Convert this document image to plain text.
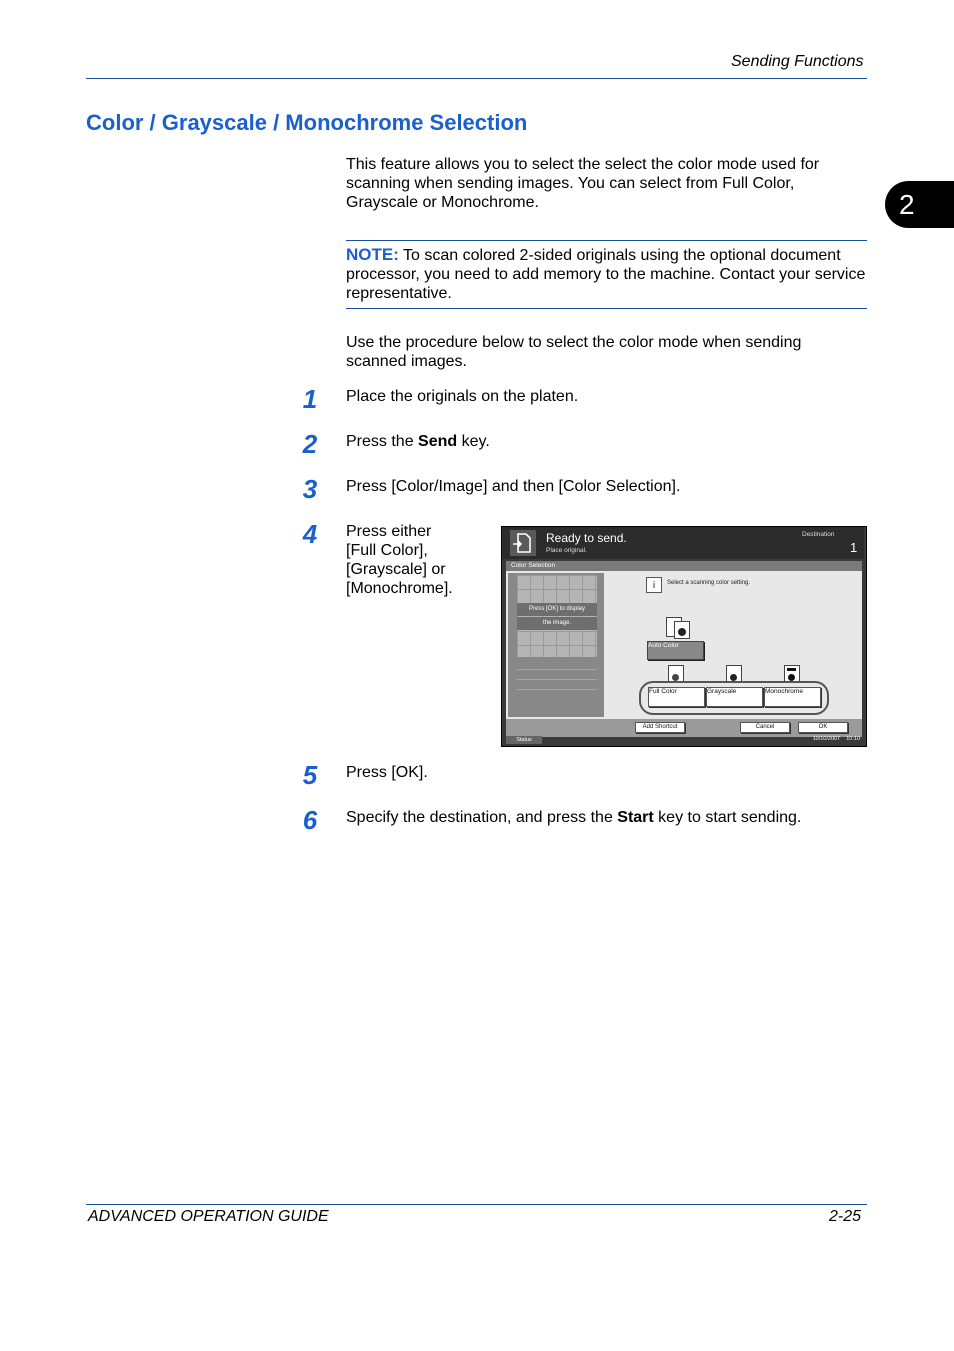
Sending Functions
Color / Grayscale / Monochrome Selection
2
This feature allows you to select the select the color mode used for scanning when sending images. You can select from Full Color, Grayscale or Monochrome.
NOTE: To scan colored 2-sided originals using the optional document processor, you need to add memory to the machine. Contact your service representative.
Use the procedure below to select the color mode when sending scanned images.
1	Place the originals on the platen.
2	Press the Send key.
3	Press [Color/Image] and then [Color Selection].
4	Press either [Full Color], [Grayscale] or [Monochrome].
Ready to send.
Place original.
Destination
1
Color Selection
Press [OK] to display
the image.
ⅰ	Select a scanning color setting.
Auto Color
Full Color	Grayscale	Monochrome
Add Shortcut	Cancel	OK
Status	10/10/2007    10:10
5	Press [OK].
6	Specify the destination, and press the Start key to start sending.
ADVANCED OPERATION GUIDE	2-25
